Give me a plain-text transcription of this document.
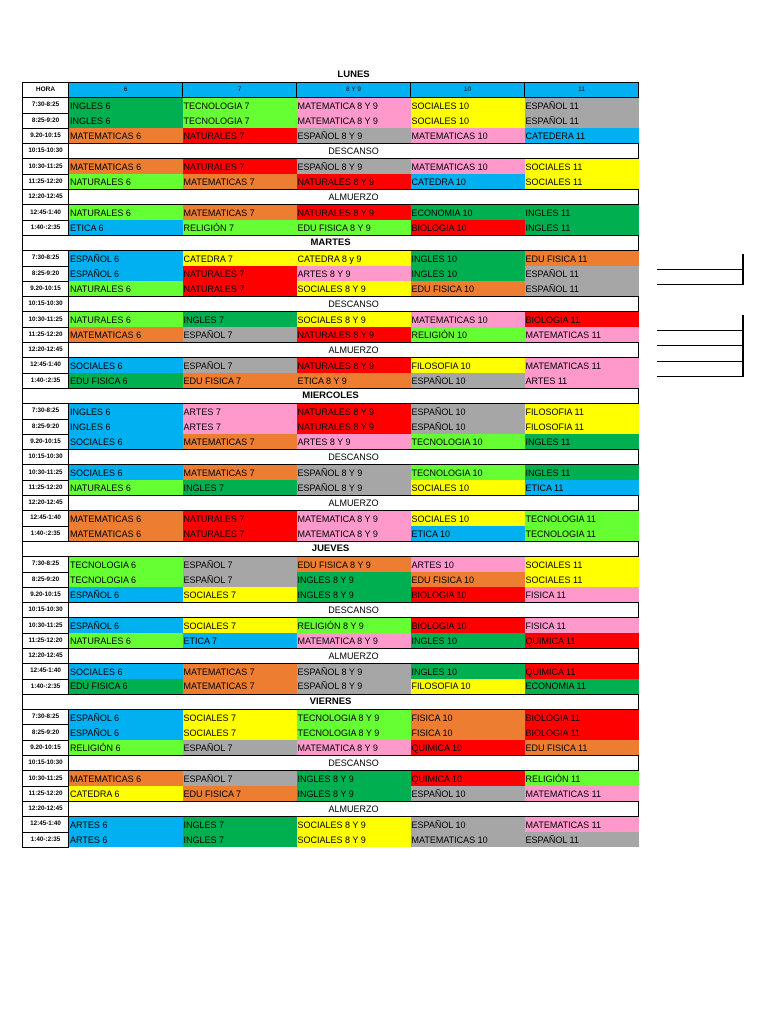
	LUNES				
HORA	6	7	8 Y 9	10	11
7:30-8:25	INGLES 6	TECNOLOGIA 7	MATEMATICA 8 Y 9	SOCIALES 10	ESPAÑOL 11
8:25-9:20	INGLES 6	TECNOLOGIA 7	MATEMATICA 8 Y 9	SOCIALES 10	ESPAÑOL 11
9.20-10:15	MATEMATICAS 6	NATURALES 7	ESPAÑOL 8 Y 9	MATEMATICAS 10	CATEDERA 11
10:15-10:30	DESCANSO				
10:30-11:25	MATEMATICAS 6	NATURALES 7	ESPAÑOL 8 Y 9	MATEMATICAS 10	SOCIALES 11
11:25-12:20	NATURALES 6	MATEMATICAS 7	NATURALES 8 Y 9	CATEDRA 10	SOCIALES 11
12:20-12:45	ALMUERZO				
12:45-1:40	NATURALES 6	MATEMATICAS 7	NATURALES 8 Y 9	ECONOMIA 10	INGLES 11
1:40-:2:35	ETICA 6	RELIGIÓN 7	EDU FISICA 8 Y 9	BIOLOGIA 10	INGLES 11
MARTES					
7:30-8:25	ESPAÑOL 6	CATEDRA 7	CATEDRA 8 y 9	INGLES 10	EDU FISICA 11
8:25-9:20	ESPAÑOL 6	NATURALES 7	ARTES 8 Y 9	INGLES 10	ESPAÑOL 11
9.20-10:15	NATURALES 6	NATURALES 7	SOCIALES 8 Y 9	EDU FISICA 10	ESPAÑOL 11
10:15-10:30	DESCANSO				
10:30-11:25	NATURALES 6	INGLES 7	SOCIALES 8 Y 9	MATEMATICAS 10	BIOLOGIA 11
11:25-12:20	MATEMATICAS 6	ESPAÑOL 7	NATURALES 8 Y 9	RELIGIÓN 10	MATEMATICAS 11
12:20-12:45	ALMUERZO				
12:45-1:40	SOCIALES 6	ESPAÑOL 7	NATURALES 8 Y 9	FILOSOFIA 10	MATEMATICAS 11
1:40-:2:35	EDU FISICA 6	EDU FISICA 7	ETICA 8 Y 9	ESPAÑOL 10	ARTES 11
MIERCOLES					
7:30-8:25	INGLES 6	ARTES 7	NATURALES 8 Y 9	ESPAÑOL 10	FILOSOFIA 11
8:25-9:20	INGLES 6	ARTES 7	NATURALES 8 Y 9	ESPAÑOL 10	FILOSOFIA 11
9.20-10:15	SOCIALES 6	MATEMATICAS 7	ARTES 8 Y 9	TECNOLOGIA 10	INGLES 11
10:15-10:30	DESCANSO				
10:30-11:25	SOCIALES 6	MATEMATICAS 7	ESPAÑOL 8 Y 9	TECNOLOGIA 10	INGLES 11
11:25-12:20	NATURALES 6	INGLES 7	ESPAÑOL 8 Y 9	SOCIALES 10	ETICA 11
12:20-12:45	ALMUERZO				
12:45-1:40	MATEMATICAS 6	NATURALES 7	MATEMATICA 8 Y 9	SOCIALES 10	TECNOLOGIA 11
1:40-:2:35	MATEMATICAS 6	NATURALES 7	MATEMATICA 8 Y 9	ETICA 10	TECNOLOGIA 11
JUEVES					
7:30-8:25	TECNOLOGIA 6	ESPAÑOL 7	EDU FISICA 8 Y 9	ARTES 10	SOCIALES 11
8:25-9:20	TECNOLOGIA 6	ESPAÑOL 7	INGLES 8 Y 9	EDU FISICA 10	SOCIALES 11
9.20-10:15	ESPAÑOL 6	SOCIALES 7	INGLES 8 Y 9	BIOLOGIA 10	FISICA 11
10:15-10:30	DESCANSO				
10:30-11:25	ESPAÑOL 6	SOCIALES 7	RELIGIÓN 8 Y 9	BIOLOGIA 10	FISICA 11
11:25-12:20	NATURALES 6	ETICA 7	MATEMATICA 8 Y 9	INGLES 10	QUIMICA 11
12:20-12:45	ALMUERZO				
12:45-1:40	SOCIALES 6	MATEMATICAS 7	ESPAÑOL 8 Y 9	INGLES 10	QUIMICA 11
1:40-:2:35	EDU FISICA 6	MATEMATICAS 7	ESPAÑOL 8 Y 9	FILOSOFIA 10	ECONOMIA 11
VIERNES					
7:30-8:25	ESPAÑOL 6	SOCIALES 7	TECNOLOGIA 8 Y 9	FISICA 10	BIOLOGIA 11
8:25-9:20	ESPAÑOL 6	SOCIALES 7	TECNOLOGIA 8 Y 9	FISICA 10	BIOLOGIA 11
9.20-10:15	RELIGIÓN 6	ESPAÑOL 7	MATEMATICA 8 Y 9	QUIMICA 10	EDU FISICA 11
10:15-10:30	DESCANSO				
10:30-11:25	MATEMATICAS 6	ESPAÑOL 7	INGLES 8 Y 9	QUIMICA 10	RELIGIÓN 11
11:25-12:20	CATEDRA 6	EDU FISICA 7	INGLES 8 Y 9	ESPAÑOL 10	MATEMATICAS 11
12:20-12:45	ALMUERZO				
12:45-1:40	ARTES 6	INGLES 7	SOCIALES 8 Y 9	ESPAÑOL 10	MATEMATICAS 11
1:40-:2:35	ARTES 6	INGLES 7	SOCIALES 8 Y 9	MATEMATICAS 10	ESPAÑOL 11
